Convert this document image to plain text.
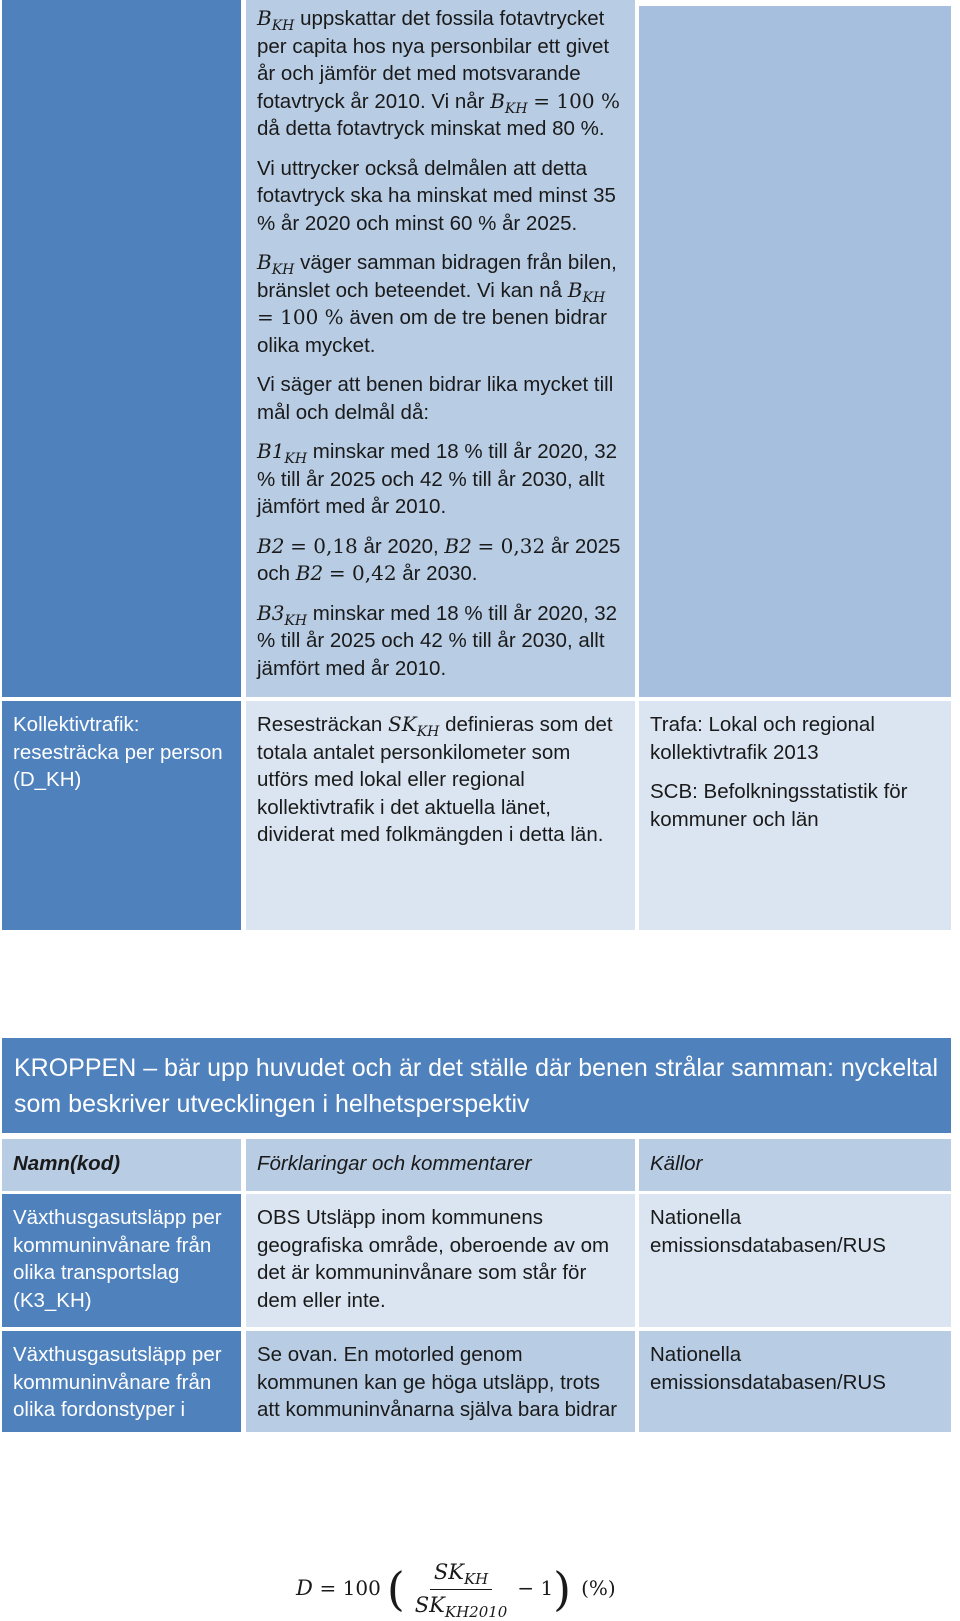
$B_{KH}$ uppskattar det fossila fotavtrycket per capita hos nya personbilar ett givet år och jämför det med motsvarande fotavtryck år 2010. Vi når $B_{KH} = 100$ % då detta fotavtryck minskat med 80 %.

Vi uttrycker också delmålen att detta fotavtryck ska ha minskat med minst 35 % år 2020 och minst 60 % år 2025.

$B_{KH}$ väger samman bidragen från bilen, bränslet och beteendet. Vi kan nå $B_{KH} = 100$ % även om de tre benen bidrar olika mycket.

Vi säger att benen bidrar lika mycket till mål och delmål då:

$B1_{KH}$ minskar med 18 % till år 2020, 32 % till år 2025 och 42 % till år 2030, allt jämfört med år 2010.

B2 = 0,18 år 2020, B2 = 0,32 år 2025 och B2 = 0,42 år 2030.

$B3_{KH}$ minskar med 18 % till år 2020, 32 % till år 2025 och 42 % till år 2030, allt jämfört med år 2010.

Kollektivtrafik: resesträcka per person (D_KH)

Resesträckan $SK_{KH}$ definieras som det totala antalet personkilometer som utförs med lokal eller regional kollektivtrafik i det aktuella länet, dividerat med folkmängden i detta län.

D
= 100 ( $\frac{SK_{KH}}{SK_{KH2010}} - 1$ ) (%)

Trafa: Lokal och regional kollektivtrafik 2013

SCB: Befolkningsstatistik för kommuner och län

KROPPEN – bär upp huvudet och är det ställe där benen strålar samman: nyckeltal som beskriver utvecklingen i helhetsperspektiv
Namn(kod)	Förklaringar och kommentarer	Källor
Växthusgasutsläpp per kommuninvånare från olika transportslag (K3_KH)
OBS Utsläpp inom kommunens geografiska område, oberoende av om det är kommuninvånare som står för dem eller inte.
Nationella emissionsdatabasen/RUS
Växthusgasutsläpp per kommuninvånare från olika fordonstyper i
Se ovan. En motorled genom kommunen kan ge höga utsläpp, trots att kommuninvånarna själva bara bidrar
Nationella emissionsdatabasen/RUS
